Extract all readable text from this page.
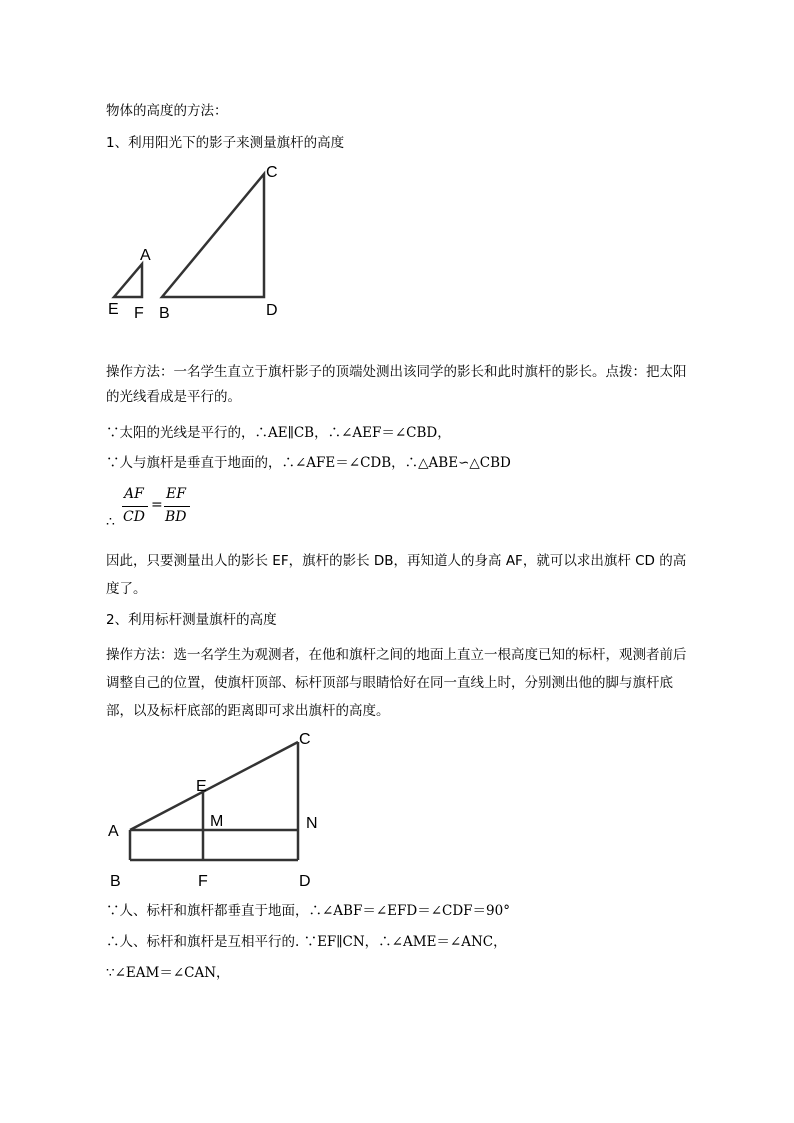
物体的高度的方法：
1、利用阳光下的影子来测量旗杆的高度
A
E F B
C
D
操作方法：一名学生直立于旗杆影子的顶端处测出该同学的影长和此时旗杆的影长。点拨：把太阳的光线看成是平行的。
∵太阳的光线是平行的，∴AE∥CB，∴∠AEF＝∠CBD，
∵人与旗杆是垂直于地面的，∴∠AFE＝∠CDB，∴△ABE∽△CBD
AF
CD
=
EF
BD
∴
因此，只要测量出人的影长 EF，旗杆的影长 DB，再知道人的身高 AF，就可以求出旗杆 CD 的高度了。
2、利用标杆测量旗杆的高度
操作方法：选一名学生为观测者，在他和旗杆之间的地面上直立一根高度已知的标杆，观测者前后调整自己的位置，使旗杆顶部、标杆顶部与眼睛恰好在同一直线上时，分别测出他的脚与旗杆底部，以及标杆底部的距离即可求出旗杆的高度。
C
E
A
M	N
B	F	D
∵人、标杆和旗杆都垂直于地面，∴∠ABF＝∠EFD＝∠CDF＝90°
∴人、标杆和旗杆是互相平行的. ∵EF∥CN，∴∠AME＝∠ANC，
∵∠EAM＝∠CAN，
